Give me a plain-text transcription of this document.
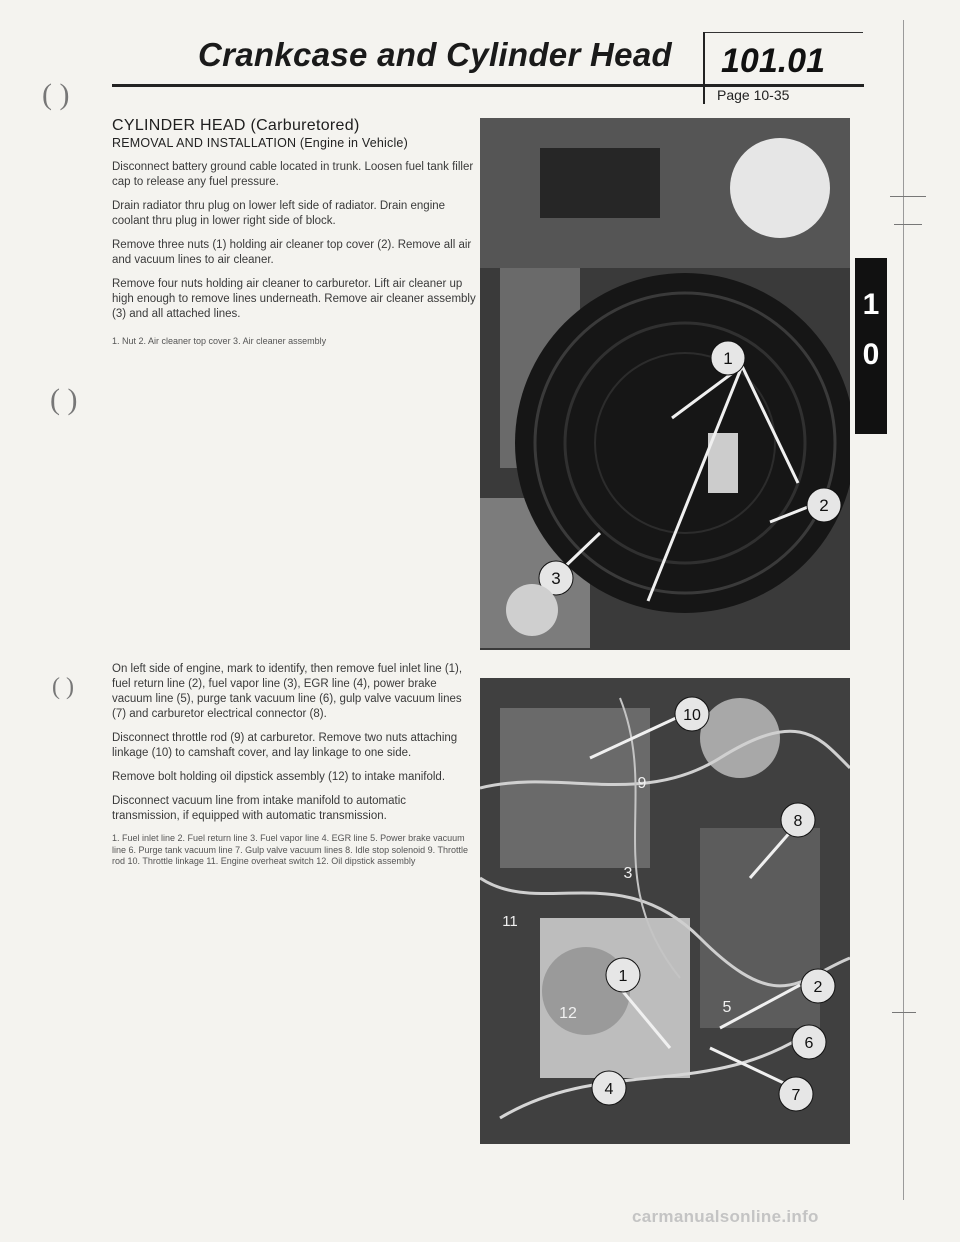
Crankcase and Cylinder Head 101.01
Page 10-35
( )
( )
( )
1
0
CYLINDER HEAD (Carburetored)
REMOVAL AND INSTALLATION (Engine in Vehicle)

Disconnect battery ground cable located in trunk. Loosen fuel tank filler cap to release any fuel pressure.

Drain radiator thru plug on lower left side of radiator. Drain engine coolant thru plug in lower right side of block.

Remove three nuts (1) holding air cleaner top cover (2). Remove all air and vacuum lines to air cleaner.

Remove four nuts holding air cleaner to carburetor. Lift air cleaner up high enough to remove lines underneath. Remove air cleaner assembly (3) and all attached lines.

1. Nut 2. Air cleaner top cover 3. Air cleaner assembly

On left side of engine, mark to identify, then remove fuel inlet line (1), fuel return line (2), fuel vapor line (3), EGR line (4), power brake vacuum line (5), purge tank vacuum line (6), gulp valve vacuum lines (7) and carburetor electrical connector (8).

Disconnect throttle rod (9) at carburetor. Remove two nuts attaching linkage (10) to camshaft cover, and lay linkage to one side.

Remove bolt holding oil dipstick assembly (12) to intake manifold.

Disconnect vacuum line from intake manifold to automatic transmission, if equipped with automatic transmission.

1. Fuel inlet line 2. Fuel return line 3. Fuel vapor line 4. EGR line 5. Power brake vacuum line 6. Purge tank vacuum line 7. Gulp valve vacuum lines 8. Idle stop solenoid 9. Throttle rod 10. Throttle linkage 11. Engine overheat switch 12. Oil dipstick assembly
1
2
3
10
9
8
3
1
12	5
2
6
4	7
11
carmanualsonline.info
